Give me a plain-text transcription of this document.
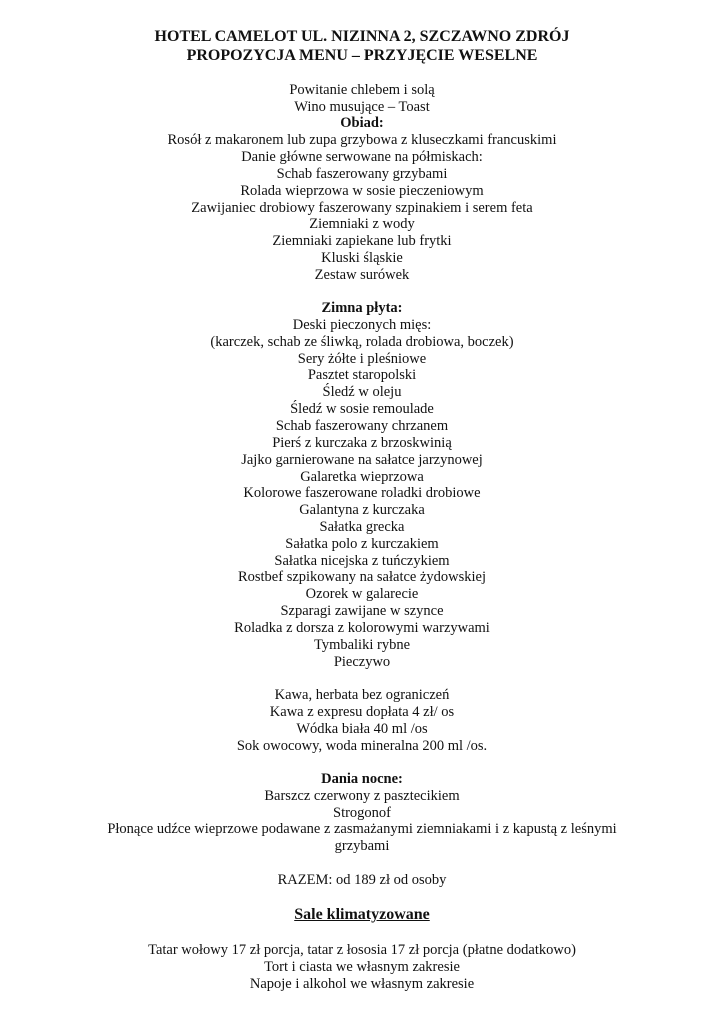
HOTEL CAMELOT UL. NIZINNA 2, SZCZAWNO ZDRÓJ
PROPOZYCJA MENU – PRZYJĘCIE WESELNE
Powitanie chlebem i solą
Wino musujące – Toast
Obiad:
Rosół z makaronem lub zupa grzybowa z kluseczkami francuskimi
Danie główne serwowane na półmiskach:
Schab faszerowany grzybami
Rolada wieprzowa w sosie pieczeniowym
Zawijaniec drobiowy faszerowany szpinakiem i serem feta
Ziemniaki z wody
Ziemniaki zapiekane lub frytki
Kluski śląskie
Zestaw surówek
Zimna płyta:
Deski pieczonych mięs:
(karczek, schab ze śliwką, rolada drobiowa, boczek)
Sery żółte i pleśniowe
Pasztet staropolski
Śledź w oleju
Śledź w sosie remoulade
Schab faszerowany chrzanem
Pierś z kurczaka z brzoskwinią
Jajko garnierowane na sałatce jarzynowej
Galaretka wieprzowa
Kolorowe faszerowane roladki drobiowe
Galantyna z kurczaka
Sałatka grecka
Sałatka polo z kurczakiem
Sałatka nicejska z tuńczykiem
Rostbef szpikowany na sałatce żydowskiej
Ozorek w galarecie
Szparagi zawijane w szynce
Roladka z dorsza z kolorowymi warzywami
Tymbaliki rybne
Pieczywo
Kawa, herbata bez ograniczeń
Kawa z expresu dopłata 4 zł/ os
Wódka biała 40 ml /os
Sok owocowy, woda mineralna 200 ml /os.
Dania nocne:
Barszcz czerwony z pasztecikiem
Strogonof
Płonące udźce wieprzowe podawane z zasmażanymi ziemniakami i z kapustą z leśnymi
grzybami
RAZEM: od 189 zł od osoby
Sale klimatyzowane
Tatar wołowy 17 zł porcja, tatar z łososia 17 zł porcja (płatne dodatkowo)
Tort i ciasta we własnym zakresie
Napoje i alkohol we własnym zakresie
